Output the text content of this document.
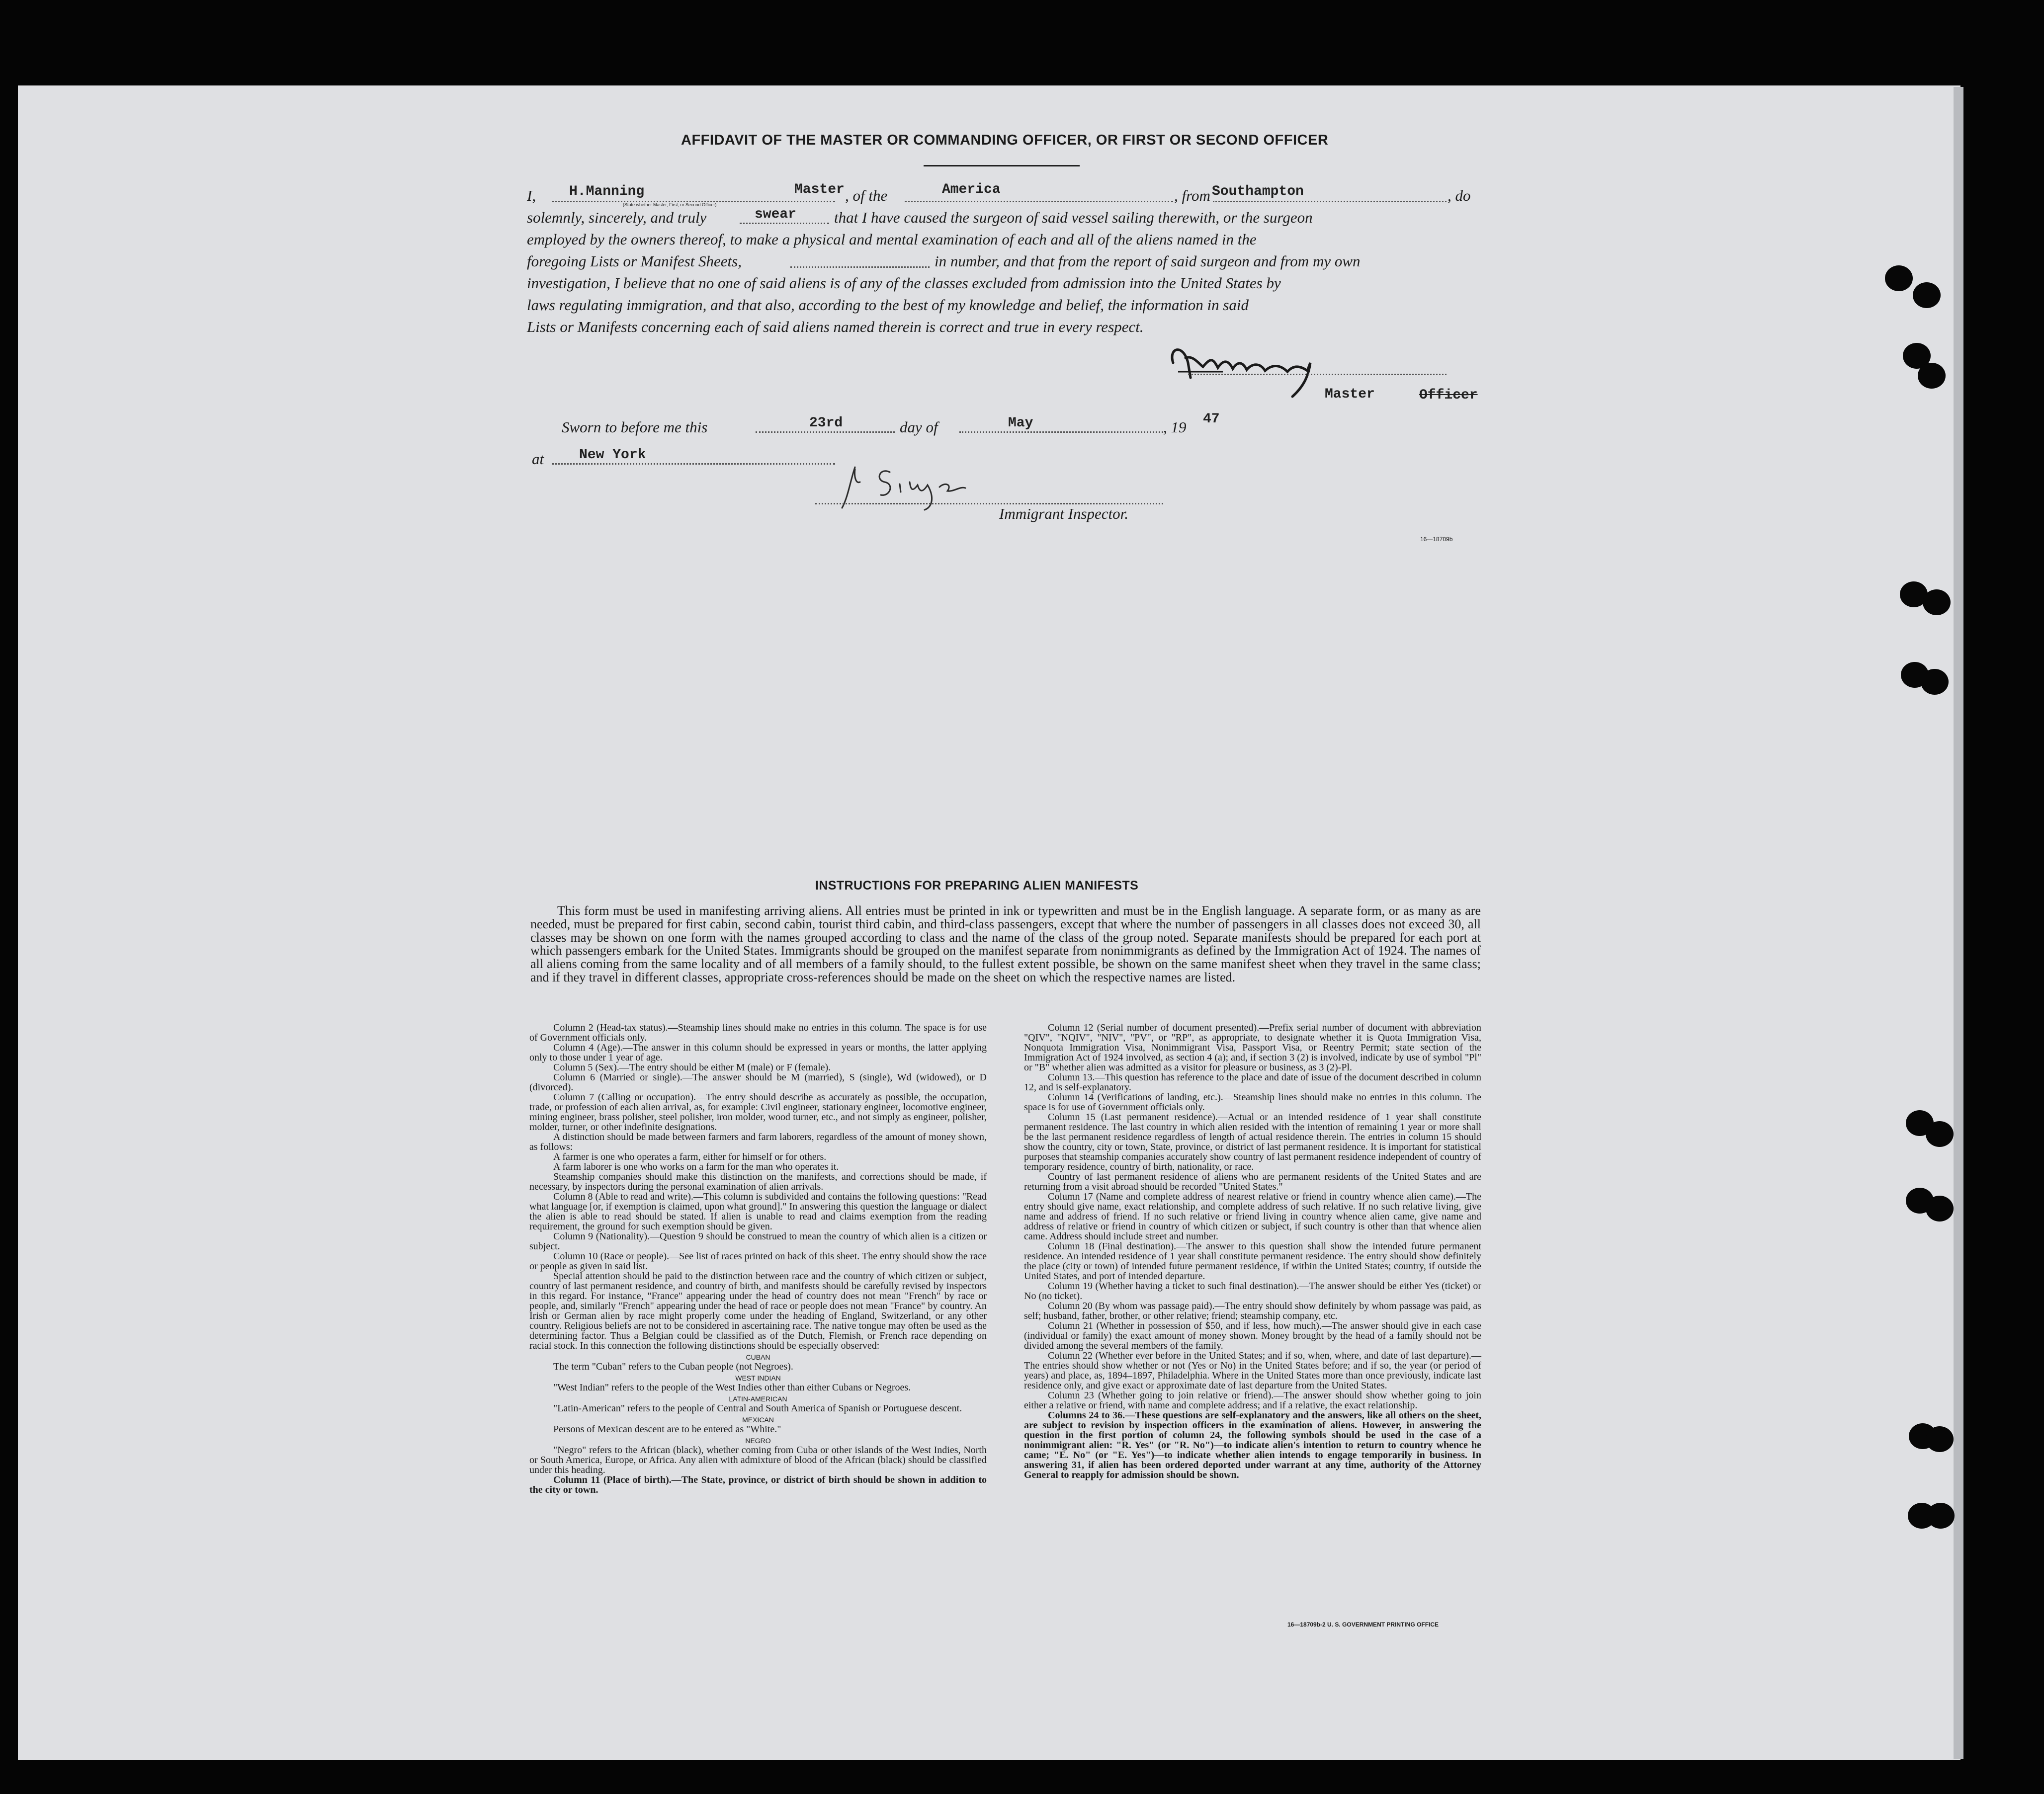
AFFIDAVIT OF THE MASTER OR COMMANDING OFFICER, OR FIRST OR SECOND OFFICER
I, H.Manning	Master
(State whether Master, First, or Second Officer)
, of the	America	, from Southampton	, do
solemnly, sincerely, and truly	swear that I have caused the surgeon of said vessel sailing therewith, or the surgeon
employed by the owners thereof, to make a physical and mental examination of each and all of the aliens named in the
foregoing Lists or Manifest Sheets,	in number, and that from the report of said surgeon and from my own
investigation, I believe that no one of said aliens is of any of the classes excluded from admission into the United States by
laws regulating immigration, and that also, according to the best of my knowledge and belief, the information in said
Lists or Manifests concerning each of said aliens named therein is correct and true in every respect.
Master	Officer
Sworn to before me this	23rd	day of	May	, 19 47
at	New York
Immigrant Inspector.
16—18709b
INSTRUCTIONS FOR PREPARING ALIEN MANIFESTS

This form must be used in manifesting arriving aliens. All entries must be printed in ink or typewritten and must be in the English language. A separate form, or as many as are needed, must be prepared for first cabin, second cabin, tourist third cabin, and third-class passengers, except that where the number of passengers in all classes does not exceed 30, all classes may be shown on one form with the names grouped according to class and the name of the class of the group noted. Separate manifests should be prepared for each port at which passengers embark for the United States. Immigrants should be grouped on the manifest separate from nonimmigrants as defined by the Immigration Act of 1924. The names of all aliens coming from the same locality and of all members of a family should, to the fullest extent possible, be shown on the same manifest sheet when they travel in the same class; and if they travel in different classes, appropriate cross-references should be made on the sheet on which the respective names are listed.

Column 2 (Head-tax status).—Steamship lines should make no entries in this column. The space is for use of Government officials only.

Column 4 (Age).—The answer in this column should be expressed in years or months, the latter applying only to those under 1 year of age.

Column 5 (Sex).—The entry should be either M (male) or F (female).

Column 6 (Married or single).—The answer should be M (married), S (single), Wd (widowed), or D (divorced).

Column 7 (Calling or occupation).—The entry should describe as accurately as possible, the occupation, trade, or profession of each alien arrival, as, for example: Civil engineer, stationary engineer, locomotive engineer, mining engineer, brass polisher, steel polisher, iron molder, wood turner, etc., and not simply as engineer, polisher, molder, turner, or other indefinite designations.

A distinction should be made between farmers and farm laborers, regardless of the amount of money shown, as follows:

A farmer is one who operates a farm, either for himself or for others.

A farm laborer is one who works on a farm for the man who operates it.

Steamship companies should make this distinction on the manifests, and corrections should be made, if necessary, by inspectors during the personal examination of alien arrivals.

Column 8 (Able to read and write).—This column is subdivided and contains the following questions: "Read what language [or, if exemption is claimed, upon what ground]." In answering this question the language or dialect the alien is able to read should be stated. If alien is unable to read and claims exemption from the reading requirement, the ground for such exemption should be given.

Column 9 (Nationality).—Question 9 should be construed to mean the country of which alien is a citizen or subject.

Column 10 (Race or people).—See list of races printed on back of this sheet. The entry should show the race or people as given in said list.

Special attention should be paid to the distinction between race and the country of which citizen or subject, country of last permanent residence, and country of birth, and manifests should be carefully revised by inspectors in this regard. For instance, "France" appearing under the head of country does not mean "French" by race or people, and, similarly "French" appearing under the head of race or people does not mean "France" by country. An Irish or German alien by race might properly come under the heading of England, Switzerland, or any other country. Religious beliefs are not to be considered in ascertaining race. The native tongue may often be used as the determining factor. Thus a Belgian could be classified as of the Dutch, Flemish, or French race depending on racial stock. In this connection the following distinctions should be especially observed:

CUBAN

The term "Cuban" refers to the Cuban people (not Negroes).

WEST INDIAN

"West Indian" refers to the people of the West Indies other than either Cubans or Negroes.

LATIN-AMERICAN

"Latin-American" refers to the people of Central and South America of Spanish or Portuguese descent.

MEXICAN

Persons of Mexican descent are to be entered as "White."

NEGRO

"Negro" refers to the African (black), whether coming from Cuba or other islands of the West Indies, North or South America, Europe, or Africa. Any alien with admixture of blood of the African (black) should be classified under this heading.

Column 11 (Place of birth).—The State, province, or district of birth should be shown in addition to the city or town.

Column 12 (Serial number of document presented).—Prefix serial number of document with abbreviation "QIV", "NQIV", "NIV", "PV", or "RP", as appropriate, to designate whether it is Quota Immigration Visa, Nonquota Immigration Visa, Nonimmigrant Visa, Passport Visa, or Reentry Permit; state section of the Immigration Act of 1924 involved, as section 4 (a); and, if section 3 (2) is involved, indicate by use of symbol "Pl" or "B" whether alien was admitted as a visitor for pleasure or business, as 3 (2)-Pl.

Column 13.—This question has reference to the place and date of issue of the document described in column 12, and is self-explanatory.

Column 14 (Verifications of landing, etc.).—Steamship lines should make no entries in this column. The space is for use of Government officials only.

Column 15 (Last permanent residence).—Actual or an intended residence of 1 year shall constitute permanent residence. The last country in which alien resided with the intention of remaining 1 year or more shall be the last permanent residence regardless of length of actual residence therein. The entries in column 15 should show the country, city or town, State, province, or district of last permanent residence. It is important for statistical purposes that steamship companies accurately show country of last permanent residence independent of country of temporary residence, country of birth, nationality, or race.

Country of last permanent residence of aliens who are permanent residents of the United States and are returning from a visit abroad should be recorded "United States."

Column 17 (Name and complete address of nearest relative or friend in country whence alien came).—The entry should give name, exact relationship, and complete address of such relative. If no such relative living, give name and address of friend. If no such relative or friend living in country whence alien came, give name and address of relative or friend in country of which citizen or subject, if such country is other than that whence alien came. Address should include street and number.

Column 18 (Final destination).—The answer to this question shall show the intended future permanent residence. An intended residence of 1 year shall constitute permanent residence. The entry should show definitely the place (city or town) of intended future permanent residence, if within the United States; country, if outside the United States, and port of intended departure.

Column 19 (Whether having a ticket to such final destination).—The answer should be either Yes (ticket) or No (no ticket).

Column 20 (By whom was passage paid).—The entry should show definitely by whom passage was paid, as self; husband, father, brother, or other relative; friend; steamship company, etc.

Column 21 (Whether in possession of $50, and if less, how much).—The answer should give in each case (individual or family) the exact amount of money shown. Money brought by the head of a family should not be divided among the several members of the family.

Column 22 (Whether ever before in the United States; and if so, when, where, and date of last departure).—The entries should show whether or not (Yes or No) in the United States before; and if so, the year (or period of years) and place, as, 1894–1897, Philadelphia. Where in the United States more than once previously, indicate last residence only, and give exact or approximate date of last departure from the United States.

Column 23 (Whether going to join relative or friend).—The answer should show whether going to join either a relative or friend, with name and complete address; and if a relative, the exact relationship.

Columns 24 to 36.—These questions are self-explanatory and the answers, like all others on the sheet, are subject to revision by inspection officers in the examination of aliens. However, in answering the question in the first portion of column 24, the following symbols should be used in the case of a nonimmigrant alien: "R. Yes" (or "R. No")—to indicate alien's intention to return to country whence he came; "E. No" (or "E. Yes")—to indicate whether alien intends to engage temporarily in business. In answering 31, if alien has been ordered deported under warrant at any time, authority of the Attorney General to reapply for admission should be shown.

16—18709b-2 U. S. GOVERNMENT PRINTING OFFICE
